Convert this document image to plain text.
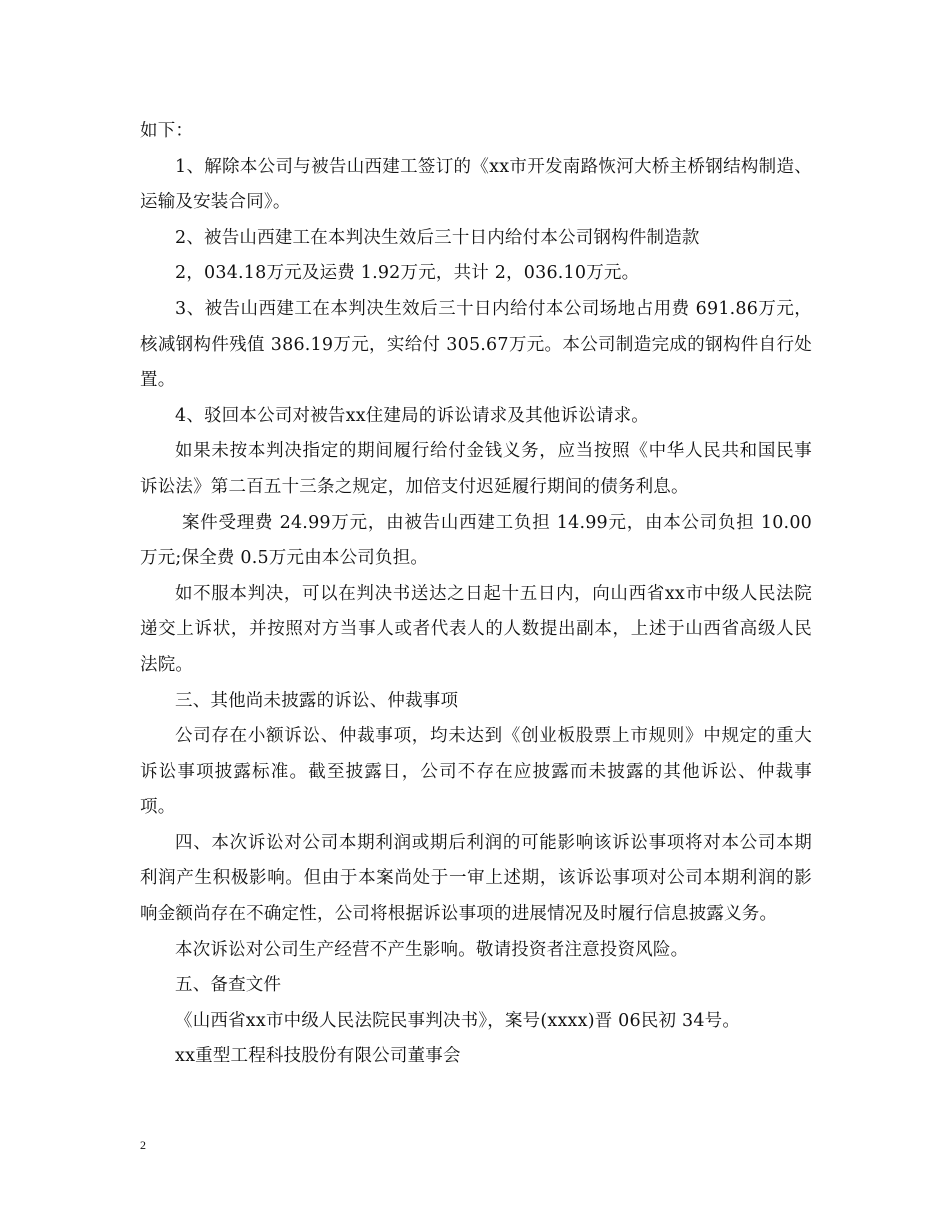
如下：

1、解除本公司与被告山西建工签订的《xx市开发南路恢河大桥主桥钢结构制造、运输及安装合同》。

2、被告山西建工在本判决生效后三十日内给付本公司钢构件制造款

2，034.18万元及运费 1.92万元，共计 2，036.10万元。

3、被告山西建工在本判决生效后三十日内给付本公司场地占用费 691.86万元，核减钢构件残值 386.19万元，实给付 305.67万元。本公司制造完成的钢构件自行处置。

4、驳回本公司对被告xx住建局的诉讼请求及其他诉讼请求。

如果未按本判决指定的期间履行给付金钱义务，应当按照《中华人民共和国民事诉讼法》第二百五十三条之规定，加倍支付迟延履行期间的债务利息。

案件受理费 24.99万元，由被告山西建工负担 14.99元，由本公司负担 10.00万元;保全费 0.5万元由本公司负担。

如不服本判决，可以在判决书送达之日起十五日内，向山西省xx市中级人民法院递交上诉状，并按照对方当事人或者代表人的人数提出副本，上述于山西省高级人民法院。

三、其他尚未披露的诉讼、仲裁事项

公司存在小额诉讼、仲裁事项，均未达到《创业板股票上市规则》中规定的重大诉讼事项披露标准。截至披露日，公司不存在应披露而未披露的其他诉讼、仲裁事项。

四、本次诉讼对公司本期利润或期后利润的可能影响该诉讼事项将对本公司本期利润产生积极影响。但由于本案尚处于一审上述期，该诉讼事项对公司本期利润的影响金额尚存在不确定性，公司将根据诉讼事项的进展情况及时履行信息披露义务。

本次诉讼对公司生产经营不产生影响。敬请投资者注意投资风险。

五、备查文件

《山西省xx市中级人民法院民事判决书》，案号(xxxx)晋 06民初 34号。

xx重型工程科技股份有限公司董事会

2
